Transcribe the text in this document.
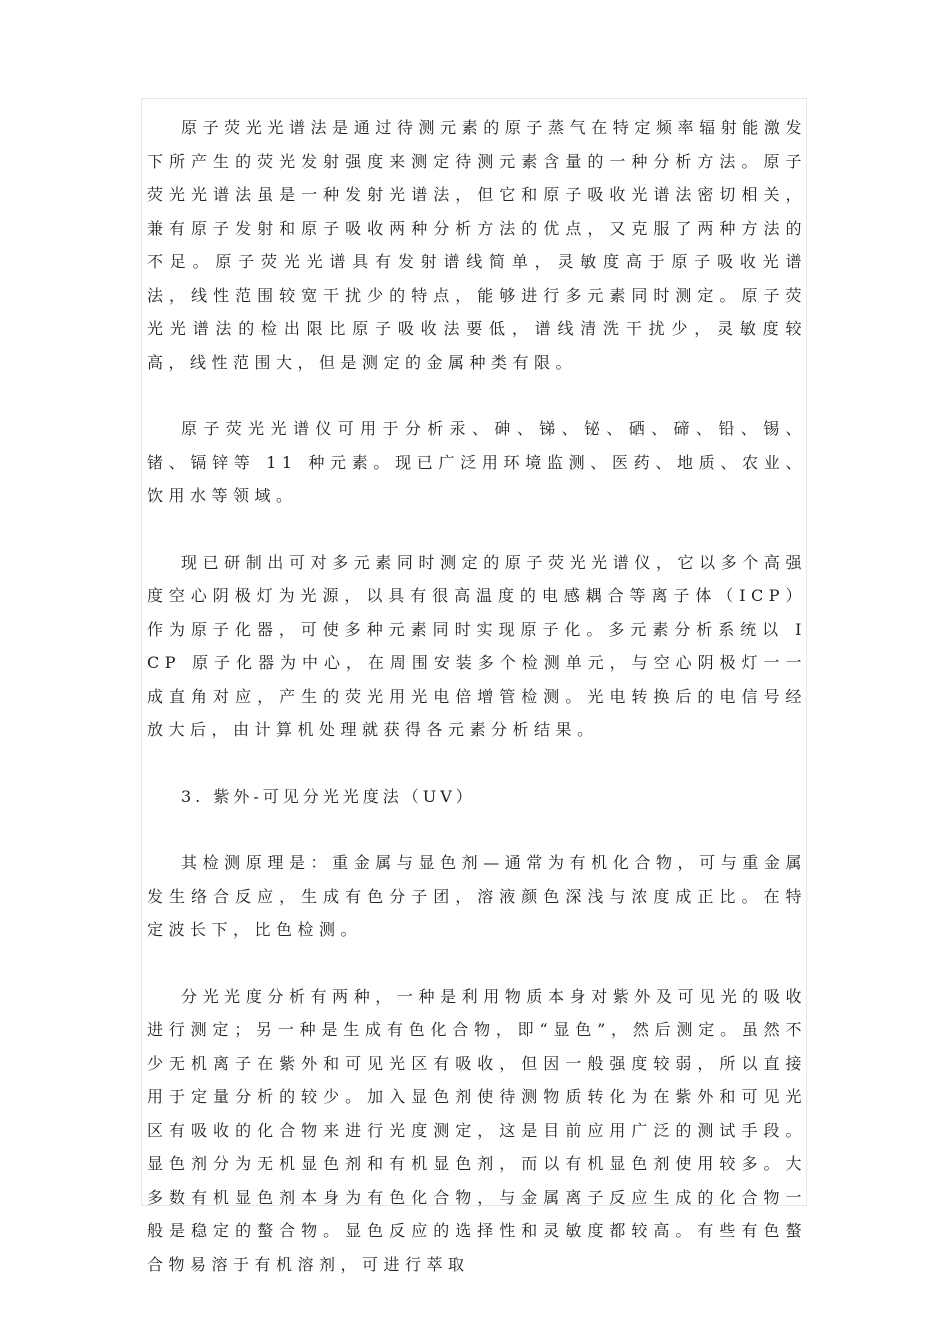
原子荧光光谱法是通过待测元素的原子蒸气在特定频率辐射能激发下所产生的荧光发射强度来测定待测元素含量的一种分析方法。原子荧光光谱法虽是一种发射光谱法，但它和原子吸收光谱法密切相关，兼有原子发射和原子吸收两种分析方法的优点，又克服了两种方法的不足。原子荧光光谱具有发射谱线简单，灵敏度高于原子吸收光谱法，线性范围较宽干扰少的特点，能够进行多元素同时测定。原子荧光光谱法的检出限比原子吸收法要低，谱线清洗干扰少，灵敏度较高，线性范围大，但是测定的金属种类有限。

原子荧光光谱仪可用于分析汞、砷、锑、铋、硒、碲、铅、锡、锗、镉锌等 11 种元素。现已广泛用环境监测、医药、地质、农业、饮用水等领域。

现已研制出可对多元素同时测定的原子荧光光谱仪，它以多个高强度空心阴极灯为光源，以具有很高温度的电感耦合等离子体（ICP）作为原子化器，可使多种元素同时实现原子化。多元素分析系统以 ICP 原子化器为中心，在周围安装多个检测单元，与空心阴极灯一一成直角对应，产生的荧光用光电倍增管检测。光电转换后的电信号经放大后，由计算机处理就获得各元素分析结果。

3. 紫外-可见分光光度法（UV）

其检测原理是：重金属与显色剂—通常为有机化合物，可与重金属发生络合反应，生成有色分子团，溶液颜色深浅与浓度成正比。在特定波长下，比色检测。

分光光度分析有两种，一种是利用物质本身对紫外及可见光的吸收进行测定；另一种是生成有色化合物，即“显色”，然后测定。虽然不少无机离子在紫外和可见光区有吸收，但因一般强度较弱，所以直接用于定量分析的较少。加入显色剂使待测物质转化为在紫外和可见光区有吸收的化合物来进行光度测定，这是目前应用广泛的测试手段。显色剂分为无机显色剂和有机显色剂，而以有机显色剂使用较多。大多数有机显色剂本身为有色化合物，与金属离子反应生成的化合物一般是稳定的螯合物。显色反应的选择性和灵敏度都较高。有些有色螯合物易溶于有机溶剂，可进行萃取
